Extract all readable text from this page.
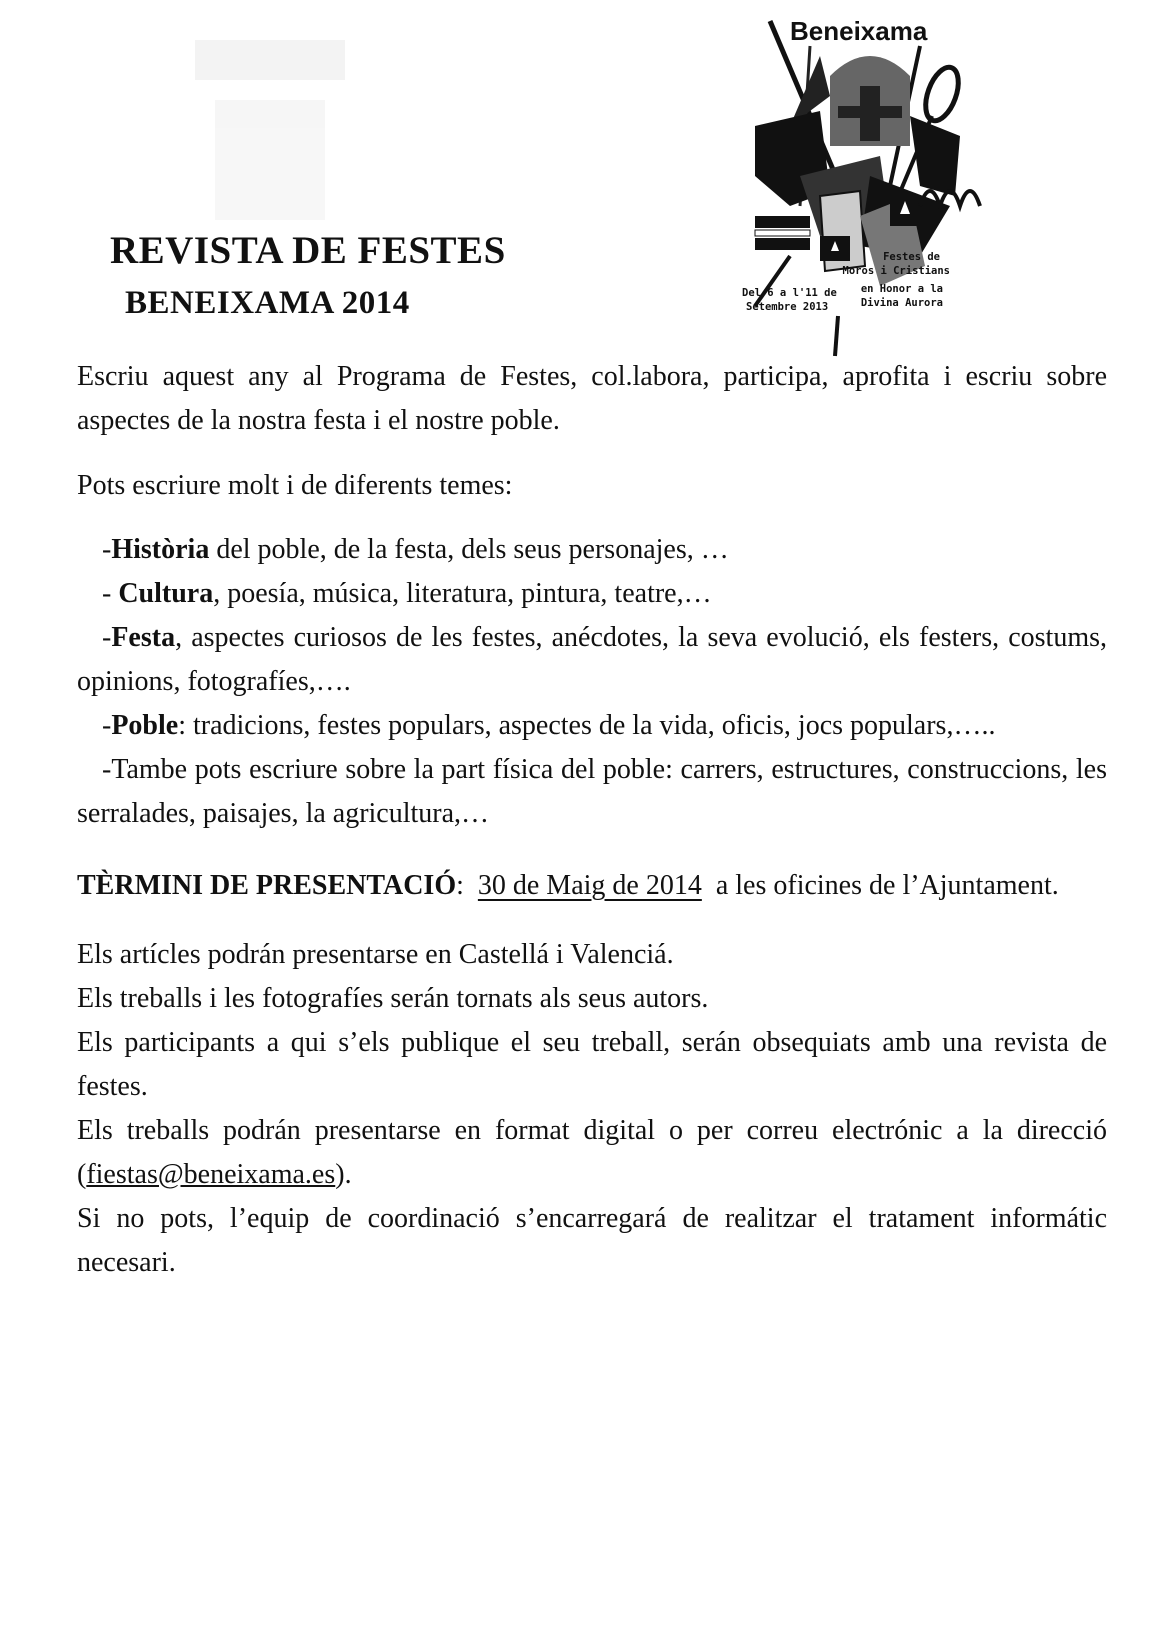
REVISTA DE FESTES
BENEIXAMA 2014
Beneixama
Festes de
Moros i Cristians
en Honor a la
Divina Aurora
Del 6 a l'11 de
Setembre 2013

Escriu aquest any al Programa de Festes, col.labora, participa, aprofita i escriu sobre aspectes de la nostra festa i el nostre poble.

Pots escriure molt i de diferents temes:

-Història del poble, de la festa, dels seus personajes, …

- Cultura, poesía, música, literatura, pintura, teatre,…

-Festa, aspectes curiosos de les festes, anécdotes, la seva evolució, els festers, costums, opinions, fotografíes,….

-Poble: tradicions, festes populars, aspectes de la vida, oficis, jocs populars,…..

-Tambe pots escriure sobre la part física del poble: carrers, estructures, construccions, les serralades, paisajes, la agricultura,…

TÈRMINI DE PRESENTACIÓ: 30 de Maig de 2014 a les oficines de l’Ajuntament.

Els artícles podrán presentarse en Castellá i Valenciá.

Els treballs i les fotografíes serán tornats als seus autors.

Els participants a qui s’els publique el seu treball, serán obsequiats amb una revista de festes.

Els treballs podrán presentarse en format digital o per correu electrónic a la direcció (fiestas@beneixama.es).

Si no pots, l’equip de coordinació s’encarregará de realitzar el tratament informátic necesari.
